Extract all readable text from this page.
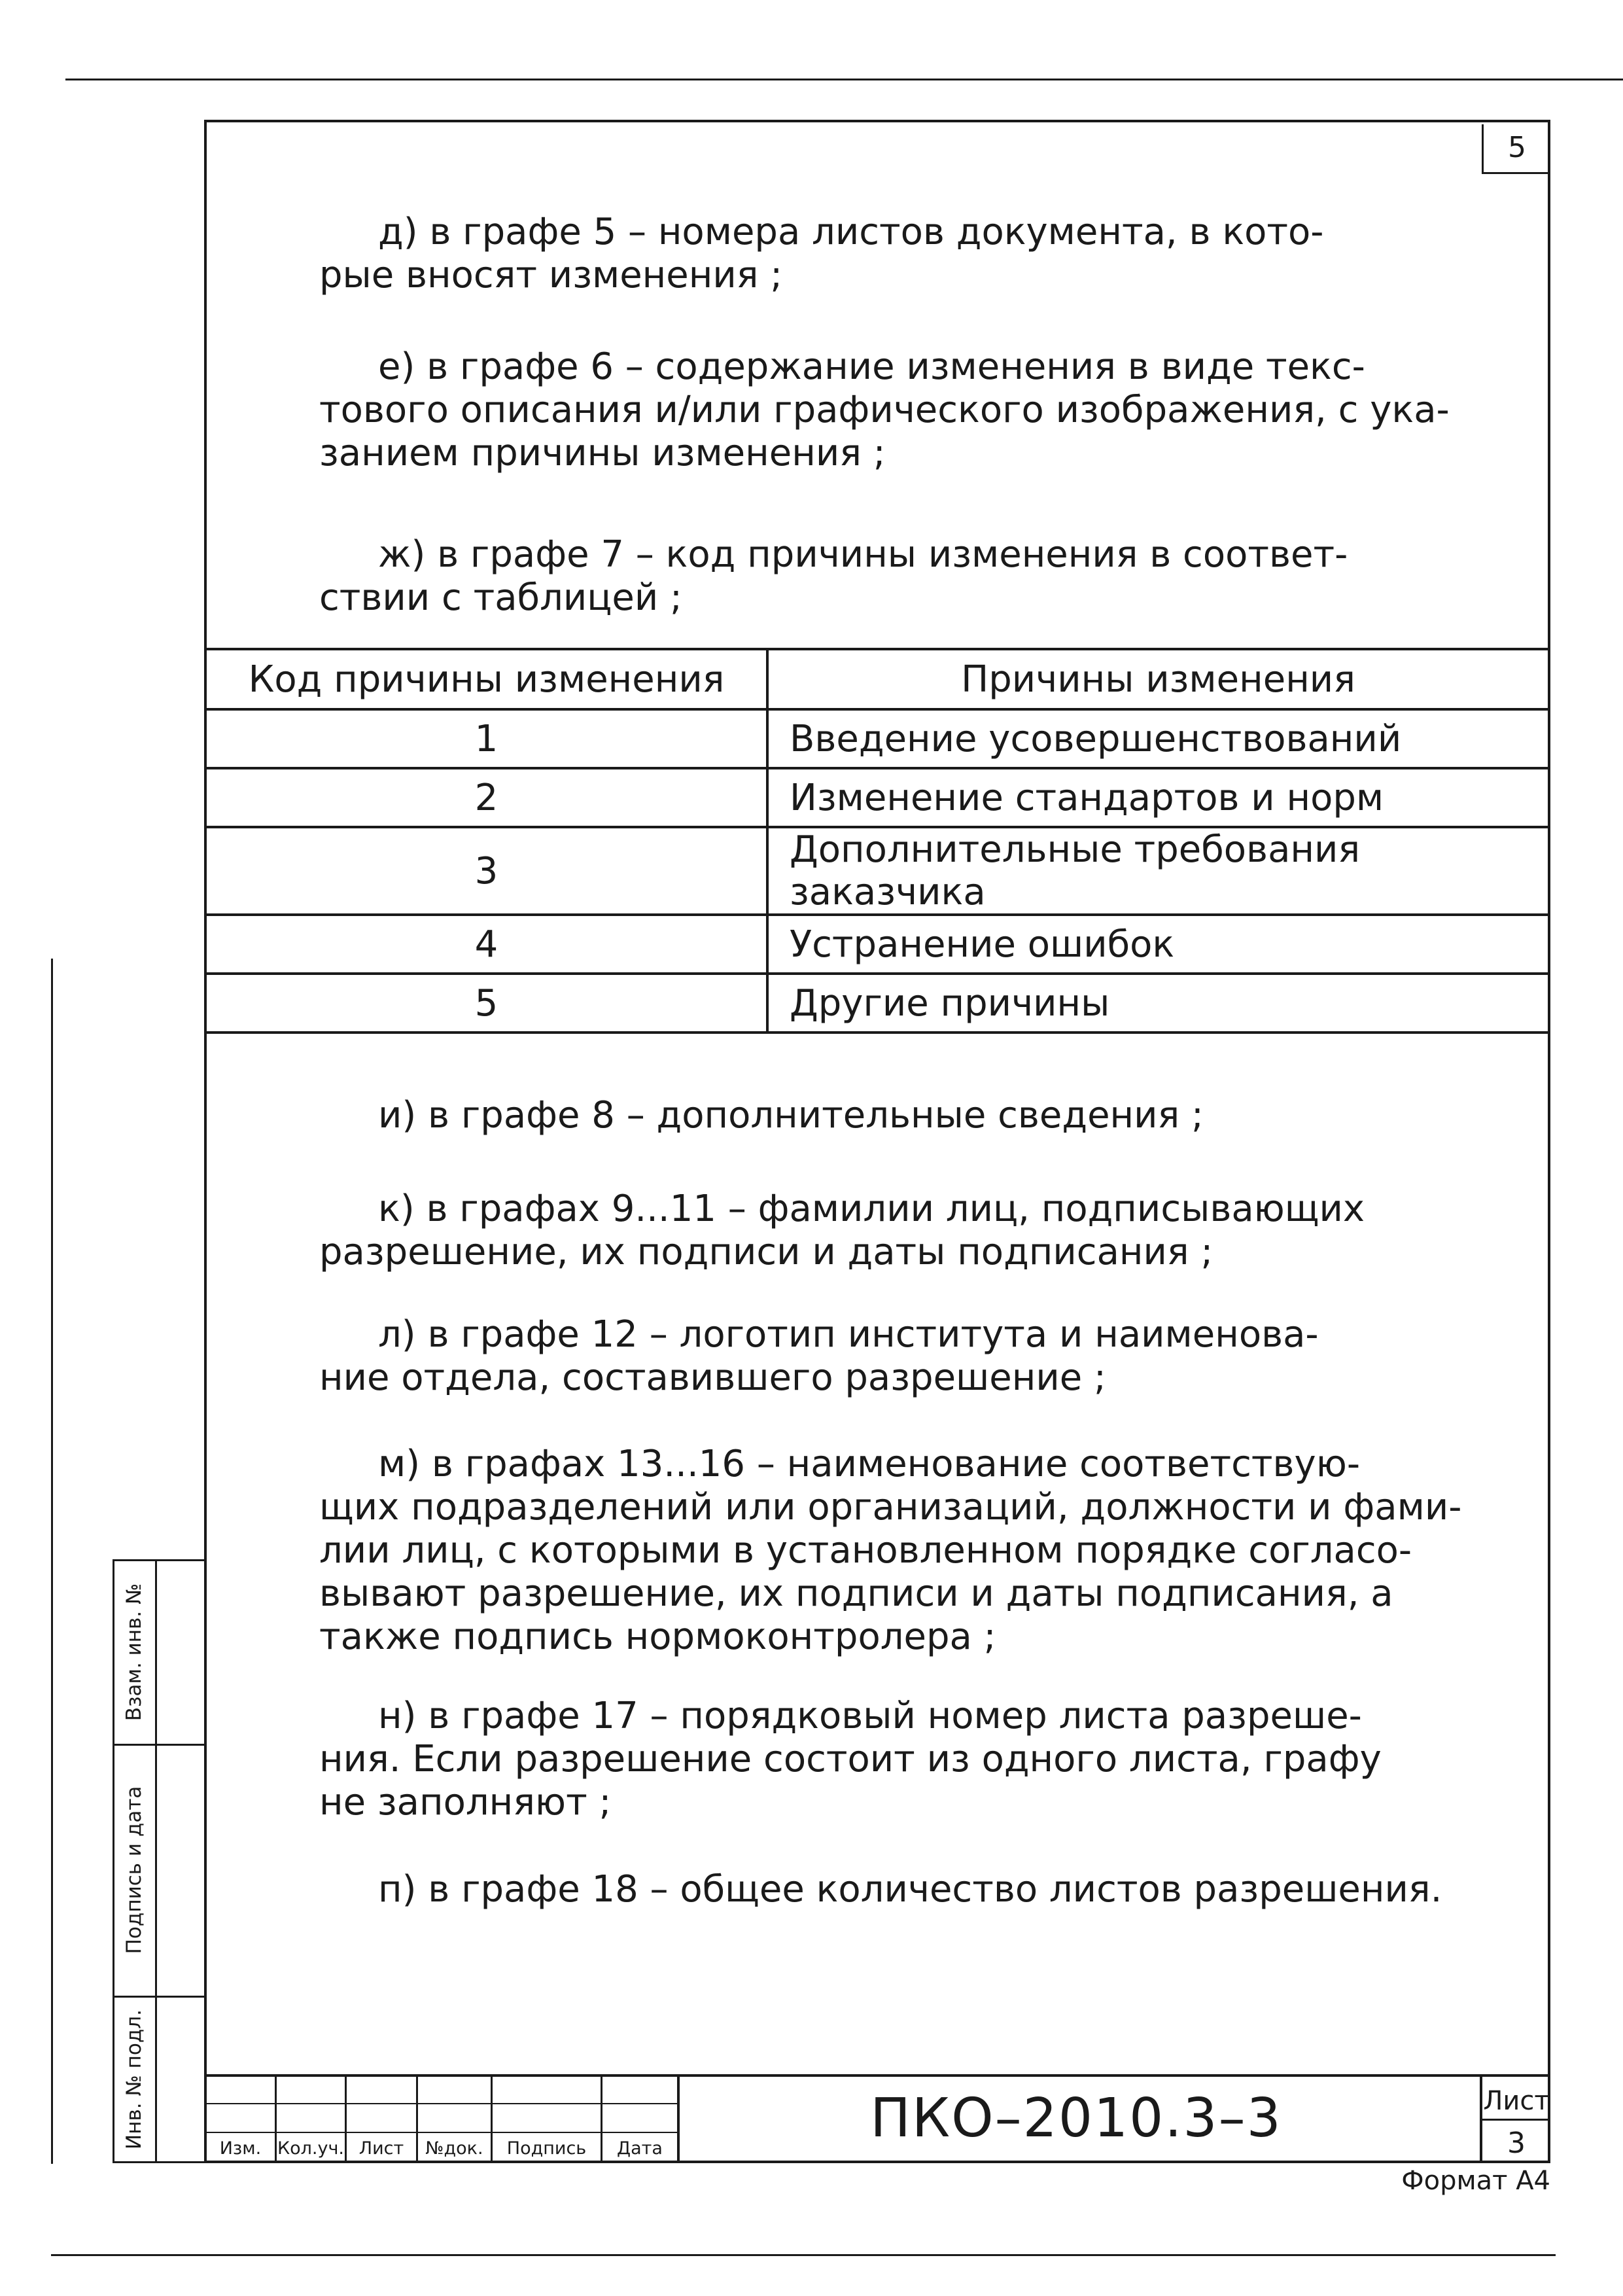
5
д) в графе 5 – номера листов документа, в кото-
рые вносят изменения ;
е) в графе 6 – содержание изменения в виде текс-
тового описания и/или графического изображения, с ука-
занием причины изменения ;
ж) в графе 7 – код причины изменения в соответ-
ствии с таблицей ;
Код причины изменения	Причины изменения
1	Введение усовершенствований
2	Изменение стандартов и норм
3	Дополнительные требования заказчика
4	Устранение ошибок
5	Другие причины
и) в графе 8 – дополнительные сведения ;
к) в графах 9...11 – фамилии лиц, подписывающих
разрешение, их подписи и даты подписания ;
л) в графе 12 – логотип института и наименова-
ние отдела, составившего разрешение ;
м) в графах 13...16 – наименование соответствую-
щих подразделений или организаций, должности и фами-
лии лиц, с которыми в установленном порядке согласо-
вывают разрешение, их подписи и даты подписания, а
также подпись нормоконтролера ;
н) в графе 17 – порядковый номер листа разреше-
ния. Если разрешение состоит из одного листа, графу
не заполняют ;
п) в графе 18 – общее количество листов разрешения.
Взам. инв. №
Подпись и дата
Инв. № подл.	Изм. Кол.уч. Лист	№док.	Подпись	Дата	ПКО–2010.3–3	Лист
3
Формат А4
